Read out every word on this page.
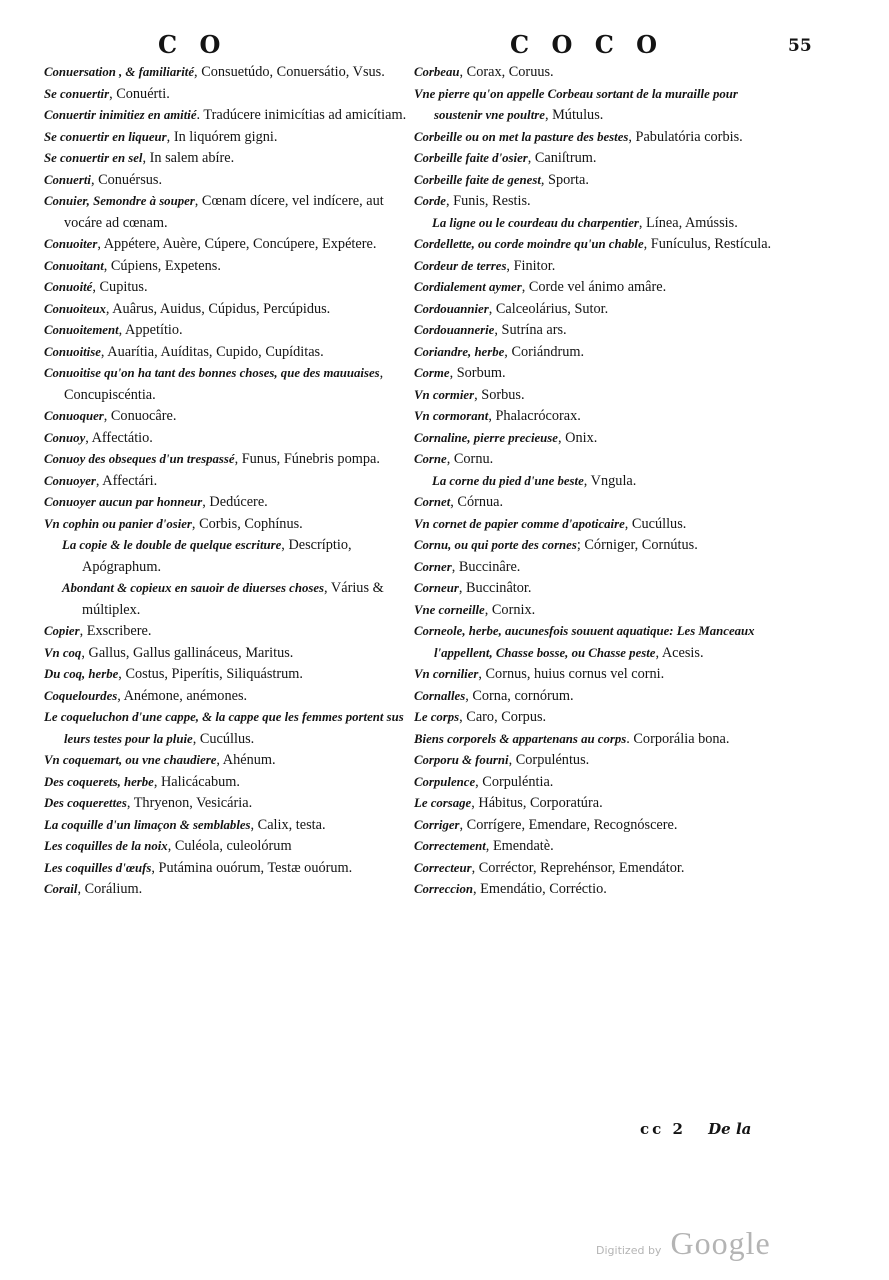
C O	C O C O	55

Conuersation , & familiarité, Consuetúdo, Conuersátio, Vsus.

Se conuertir, Conuérti.

Conuertir inimitiez en amitié. Tradúcere inimicítias ad amicítiam.

Se conuertir en liqueur, In liquórem gigni.

Se conuertir en sel, In salem abíre.

Conuerti, Conuérsus.

Conuier, Semondre à souper, Cœnam dícere, vel indícere, aut vocáre ad cœnam.

Conuoiter, Appétere, Auère, Cúpere, Concúpere, Expétere.

Conuoitant, Cúpiens, Expetens.

Conuoité, Cupitus.

Conuoiteux, Auârus, Auidus, Cúpidus, Percúpidus.

Conuoitement, Appetítio.

Conuoitise, Auarítia, Auíditas, Cupido, Cupíditas.

Conuoitise qu'on ha tant des bonnes choses, que des mauuaises, Concupiscéntia.

Conuoquer, Conuocâre.

Conuoy, Affectátio.

Conuoy des obseques d'un trespassé, Funus, Fúnebris pompa.

Conuoyer, Affectári.

Conuoyer aucun par honneur, Dedúcere.

Vn cophin ou panier d'osier, Corbis, Cophínus.

La copie & le double de quelque escriture, Descríptio, Apógraphum.

Abondant & copieux en sauoir de diuerses choses, Várius & múltiplex.

Copier, Exscribere.

Vn coq, Gallus, Gallus gallináceus, Maritus.

Du coq, herbe, Costus, Piperítis, Siliquástrum.

Coquelourdes, Anémone, anémones.

Le coqueluchon d'une cappe, & la cappe que les femmes portent sus leurs testes pour la pluie, Cucúllus.

Vn coquemart, ou vne chaudiere, Ahénum.

Des coquerets, herbe, Halicácabum.

Des coquerettes, Thryenon, Vesicária.

La coquille d'un limaçon & semblables, Calix, testa.

Les coquilles de la noix, Culéola, culeolórum

Les coquilles d'œufs, Putámina ouórum, Testæ ouórum.

Corail, Corálium.

Corbeau, Corax, Coruus.

Vne pierre qu'on appelle Corbeau sortant de la muraille pour soustenir vne poultre, Mútulus.

Corbeille ou on met la pasture des bestes, Pabulatória corbis.

Corbeille faite d'osier, Caniſtrum.

Corbeille faite de genest, Sporta.

Corde, Funis, Restis.

La ligne ou le courdeau du charpentier, Línea, Amússis.

Cordellette, ou corde moindre qu'un chable, Funículus, Restícula.

Cordeur de terres, Finitor.

Cordialement aymer, Corde vel ánimo amâre.

Cordouannier, Calceolárius, Sutor.

Cordouannerie, Sutrína ars.

Coriandre, herbe, Coriándrum.

Corme, Sorbum.

Vn cormier, Sorbus.

Vn cormorant, Phalacrócorax.

Cornaline, pierre precieuse, Onix.

Corne, Cornu.

La corne du pied d'une beste, Vngula.

Cornet, Córnua.

Vn cornet de papier comme d'apoticaire, Cucúllus.

Cornu, ou qui porte des cornes; Córniger, Cornútus.

Corner, Buccinâre.

Corneur, Buccinâtor.

Vne corneille, Cornix.

Corneole, herbe, aucunesfois souuent aquatique: Les Manceaux l'appellent, Chasse bosse, ou Chasse peste, Acesis.

Vn cornilier, Cornus, huius cornus vel corni.

Cornalles, Corna, cornórum.

Le corps, Caro, Corpus.

Biens corporels & appartenans au corps. Corporália bona.

Corporu & fourni, Corpuléntus.

Corpulence, Corpuléntia.

Le corsage, Hábitus, Corporatúra.

Corriger, Corrígere, Emendare, Recognóscere.

Correctement, Emendatè.

Correcteur, Corréctor, Reprehénsor, Emendátor.

Correccion, Emendátio, Corréctio.

cc 2 De la
Digitized by Google
